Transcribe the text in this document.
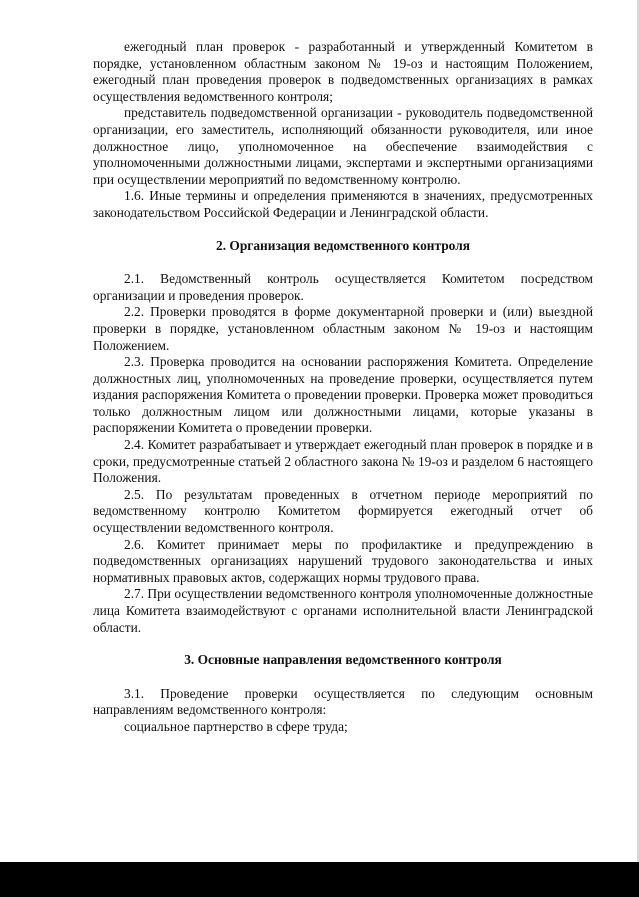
ежегодный план проверок - разработанный и утвержденный Комитетом в порядке, установленном областным законом № 19-оз и настоящим Положением, ежегодный план проведения проверок в подведомственных организациях в рамках осуществления ведомственного контроля;

представитель подведомственной организации - руководитель подведомственной организации, его заместитель, исполняющий обязанности руководителя, или иное должностное лицо, уполномоченное на обеспечение взаимодействия с уполномоченными должностными лицами, экспертами и экспертными организациями при осуществлении мероприятий по ведомственному контролю.

1.6. Иные термины и определения применяются в значениях, предусмотренных законодательством Российской Федерации и Ленинградской области.

2. Организация ведомственного контроля

2.1. Ведомственный контроль осуществляется Комитетом посредством организации и проведения проверок.

2.2. Проверки проводятся в форме документарной проверки и (или) выездной проверки в порядке, установленном областным законом № 19-оз и настоящим Положением.

2.3. Проверка проводится на основании распоряжения Комитета. Определение должностных лиц, уполномоченных на проведение проверки, осуществляется путем издания распоряжения Комитета о проведении проверки. Проверка может проводиться только должностным лицом или должностными лицами, которые указаны в распоряжении Комитета о проведении проверки.

2.4. Комитет разрабатывает и утверждает ежегодный план проверок в порядке и в сроки, предусмотренные статьей 2 областного закона № 19-оз и разделом 6 настоящего Положения.

2.5. По результатам проведенных в отчетном периоде мероприятий по ведомственному контролю Комитетом формируется ежегодный отчет об осуществлении ведомственного контроля.

2.6. Комитет принимает меры по профилактике и предупреждению в подведомственных организациях нарушений трудового законодательства и иных нормативных правовых актов, содержащих нормы трудового права.

2.7. При осуществлении ведомственного контроля уполномоченные должностные лица Комитета взаимодействуют с органами исполнительной власти Ленинградской области.

3. Основные направления ведомственного контроля

3.1. Проведение проверки осуществляется по следующим основным направлениям ведомственного контроля:

социальное партнерство в сфере труда;
